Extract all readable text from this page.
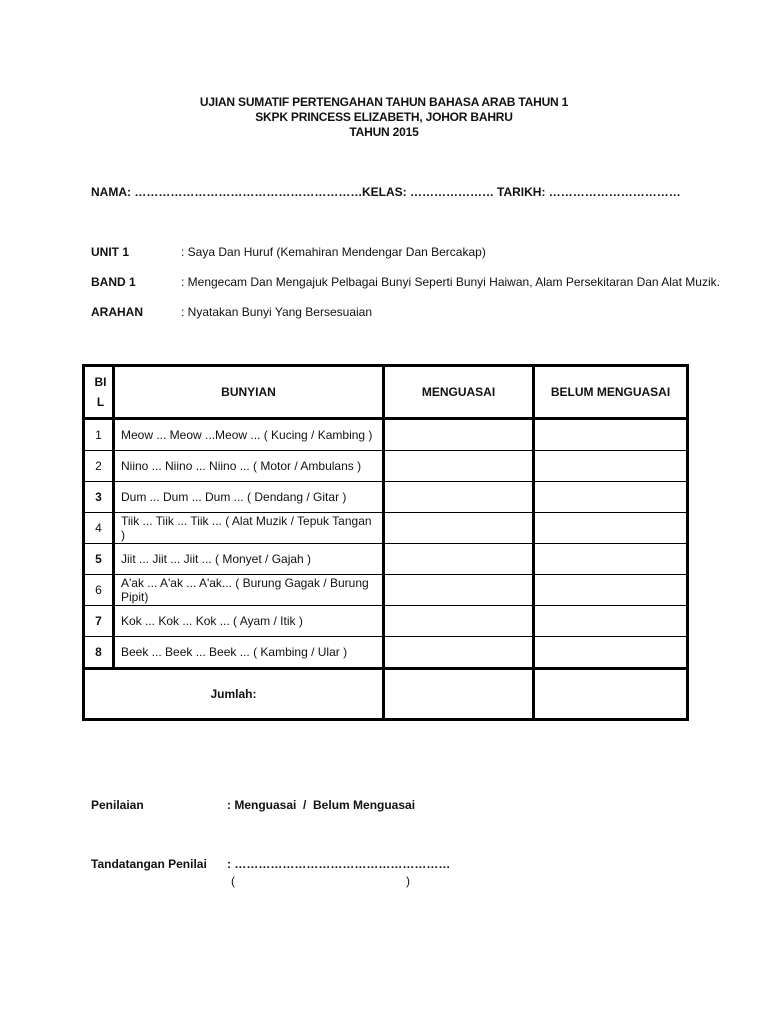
UJIAN SUMATIF PERTENGAHAN TAHUN BAHASA ARAB TAHUN 1
SKPK PRINCESS ELIZABETH, JOHOR BAHRU
TAHUN 2015
NAMA: ………………………………………………… KELAS: ………………… TARIKH: ……………………………
UNIT 1	: Saya Dan Huruf (Kemahiran Mendengar Dan Bercakap)
BAND 1	: Mengecam Dan Mengajuk Pelbagai Bunyi Seperti Bunyi Haiwan, Alam Persekitaran Dan Alat Muzik.
ARAHAN	: Nyatakan Bunyi Yang Bersesuaian
BI
L	BUNYIAN	MENGUASAI	BELUM MENGUASAI
1	Meow ... Meow ...Meow ... ( Kucing / Kambing )		
2	Niino ... Niino ... Niino ... ( Motor / Ambulans )		
3	Dum ... Dum ... Dum ... ( Dendang / Gitar )		
4	Tiik ... Tiik ... Tiik ... ( Alat Muzik / Tepuk Tangan )		
5	Jiit ... Jiit ... Jiit ... ( Monyet / Gajah )		
6	A'ak ... A'ak ... A'ak... ( Burung Gagak / Burung Pipit)		
7	Kok ... Kok ... Kok ... ( Ayam / Itik )		
8	Beek ... Beek ... Beek ... ( Kambing / Ular )		
Jumlah:			
Penilaian	: Menguasai  /  Belum Menguasai
Tandatangan Penilai : ………………………………………………
(	)
